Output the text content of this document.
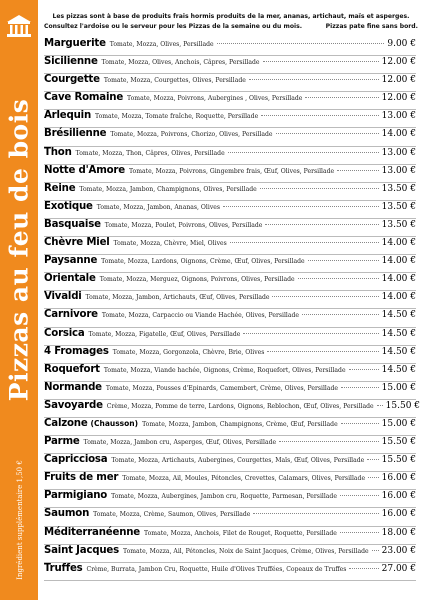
Pizzas au feu de bois
Ingrédient supplémentaire 1,50 €
Les pizzas sont à base de produits frais hormis produits de la mer, ananas, artichaut, maïs et asperges.
Consultez l'ardoise ou le serveur pour les Pizzas de la semaine ou du mois.	Pizzas pate fine sans bord.
Marguerite Tomate, Mozza, Olives, Persillade	9.00 €
Sicilienne Tomate, Mozza, Olives, Anchois, Câpres, Persillade	12.00 €
Courgette Tomate, Mozza, Courgettes, Olives, Persillade	12.00 €
Cave Romaine Tomate, Mozza, Poivrons, Aubergines , Olives, Persillade	12.00 €
Arlequin Tomate, Mozza, Tomate fraîche, Roquette, Persillade	13.00 €
Brésilienne Tomate, Mozza, Poivrons, Chorizo, Olives, Persillade	14.00 €
Thon Tomate, Mozza, Thon, Câpres, Olives, Persillade	13.00 €
Notte d'Amore Tomate, Mozza, Poivrons, Gingembre frais, Œuf, Olives, Persillade	13.00 €
Reine Tomate, Mozza, Jambon, Champignons, Olives, Persillade	13.50 €
Exotique Tomate, Mozza, Jambon, Ananas, Olives	13.50 €
Basquaise Tomate, Mozza, Poulet, Poivrons, Olives, Persillade	13.50 €
Chèvre Miel Tomate, Mozza, Chèvre, Miel, Olives	14.00 €
Paysanne Tomate, Mozza, Lardons, Oignons, Crème, Œuf, Olives, Persillade	14.00 €
Orientale Tomate, Mozza, Merguez, Oignons, Poivrons, Olives, Persillade	14.00 €
Vivaldi Tomate, Mozza, Jambon, Artichauts, Œuf, Olives, Persillade	14.00 €
Carnivore Tomate, Mozza, Carpaccio ou Viande Hachée, Olives, Persillade	14.50 €
Corsica Tomate, Mozza, Figatelle, Œuf, Olives, Persillade	14.50 €
4 Fromages Tomate, Mozza, Gorgonzola, Chèvre, Brie, Olives	14.50 €
Roquefort Tomate, Mozza, Viande hachée, Oignons, Crème, Roquefort, Olives, Persillade	14.50 €
Normande Tomate, Mozza, Pousses d'Epinards, Camembert, Crème, Olives, Persillade	15.00 €
Savoyarde Crème, Mozza, Pomme de terre, Lardons, Oignons, Reblochon, Œuf, Olives, Persillade 15.50 €
Calzone (Chausson) Tomate, Mozza, Jambon, Champignons, Crème, Œuf, Persillade	15.00 €
Parme Tomate, Mozza, Jambon cru, Asperges, Œuf, Olives, Persillade	15.50 €
Capricciosa Tomate, Mozza, Artichauts, Aubergines, Courgettes, Maïs, Œuf, Olives, Persillade 15.50 €
Fruits de mer Tomate, Mozza, Ail, Moules, Pétoncles, Crevettes, Calamars, Olives, Persillade 16.00 €
Parmigiano Tomate, Mozza, Aubergines, Jambon cru, Roquette, Parmesan, Persillade	16.00 €
Saumon Tomate, Mozza, Crème, Saumon, Olives, Persillade	16.00 €
Méditerranéenne Tomate, Mozza, Anchois, Filet de Rouget, Roquette, Persillade	18.00 €
Saint Jacques Tomate, Mozza, Ail, Pétoncles, Noix de Saint Jacques, Crème, Olives, Persillade 23.00 €
Truffes Crème, Burrata, Jambon Cru, Roquette, Huile d'Olives Truffées, Copeaux de Truffes	27.00 €
